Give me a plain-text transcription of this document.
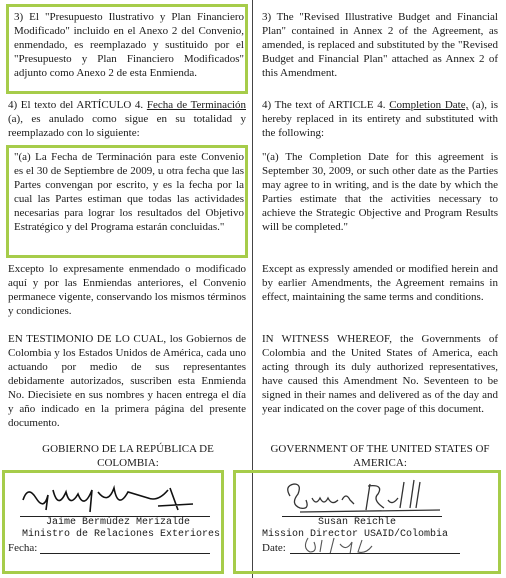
3) El "Presupuesto Ilustrativo y Plan Financiero Modificado" incluido en el Anexo 2 del Convenio, enmendado, es reemplazado y sustituido por el "Presupuesto y Plan Financiero Modificados" adjunto como Anexo 2 de esta Enmienda.

4) El texto del ARTÍCULO 4. Fecha de Terminación (a), es anulado como sigue en su totalidad y reemplazado con lo siguiente:

"(a) La Fecha de Terminación para este Convenio es el 30 de Septiembre de 2009, u otra fecha que las Partes convengan por escrito, y es la fecha por la cual las Partes estiman que todas las actividades necesarias para lograr los resultados del Objetivo Estratégico y del Programa estarán concluidas."

Excepto lo expresamente enmendado o modificado aquí y por las Enmiendas anteriores, el Convenio permanece vigente, conservando los mismos términos y condiciones.

EN TESTIMONIO DE LO CUAL, los Gobiernos de Colombia y los Estados Unidos de América, cada uno actuando por medio de sus representantes debidamente autorizados, suscriben esta Enmienda No. Diecisiete en sus nombres y hacen entrega el día y año indicado en la primera página del presente documento.

GOBIERNO DE LA REPÚBLICA DE COLOMBIA:

Jaime Bermúdez Merizalde
Ministro de Relaciones Exteriores
Fecha:

3) The "Revised Illustrative Budget and Financial Plan" contained in Annex 2 of the Agreement, as amended, is replaced and substituted by the "Revised Budget and Financial Plan" attached as Annex 2 of this Amendment.

4) The text of ARTICLE 4. Completion Date, (a), is hereby replaced in its entirety and substituted with the following:

"(a) The Completion Date for this agreement is September 30, 2009, or such other date as the Parties may agree to in writing, and is the date by which the Parties estimate that the activities necessary to achieve the Strategic Objective and Program Results will be completed."

Except as expressly amended or modified herein and by earlier Amendments, the Agreement remains in effect, maintaining the same terms and conditions.

IN WITNESS WHEREOF, the Governments of Colombia and the United States of America, each acting through its duly authorized representatives, have caused this Amendment No. Seventeen to be signed in their names and delivered as of the day and year indicated on the cover page of this document.

GOVERNMENT OF THE UNITED STATES OF AMERICA:

Susan Reichle
Mission Director USAID/Colombia
Date:
